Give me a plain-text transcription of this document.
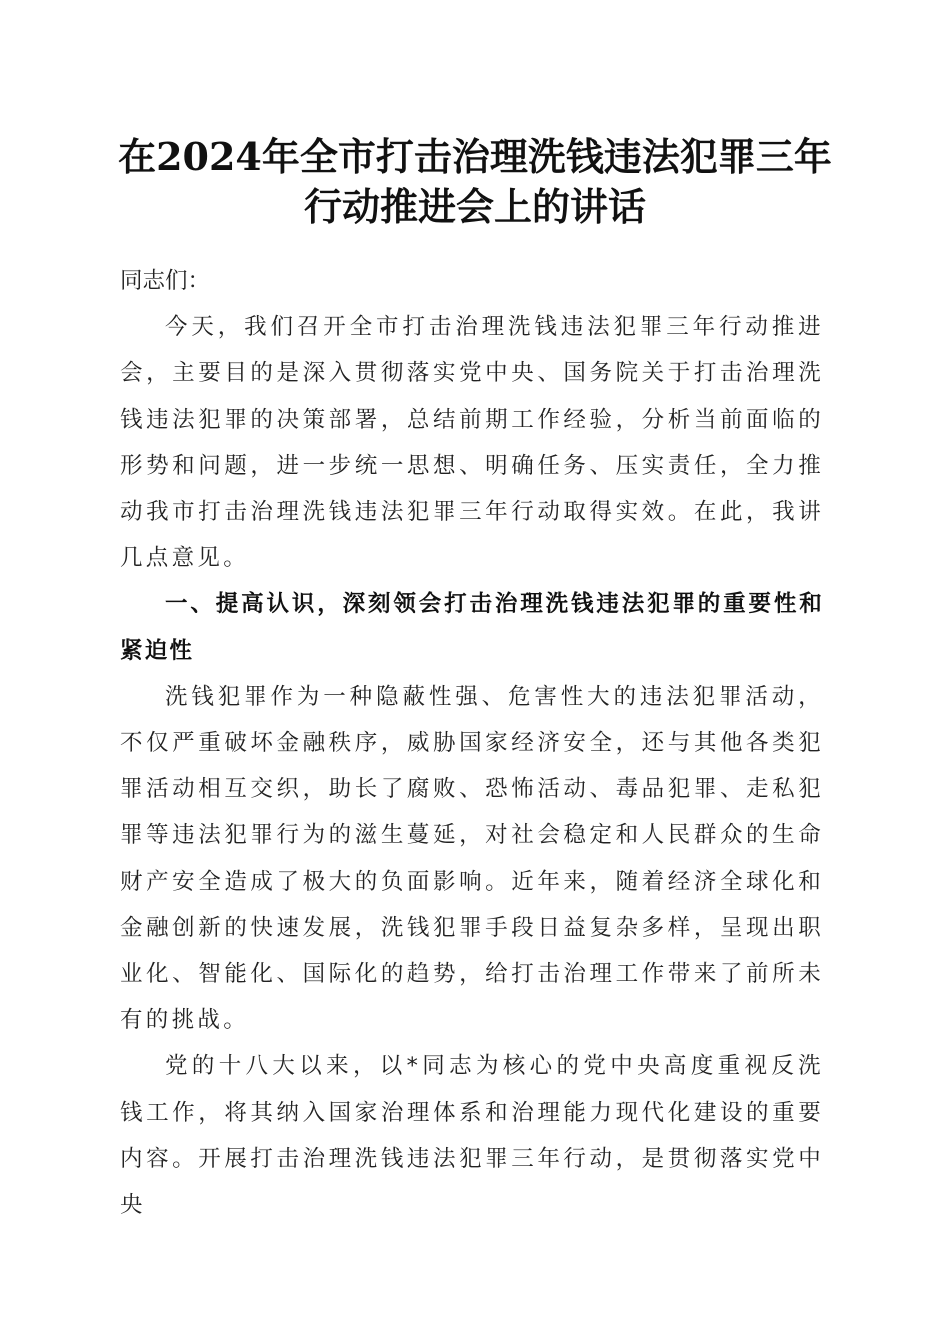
在2024年全市打击治理洗钱违法犯罪三年行动推进会上的讲话

同志们：

今天，我们召开全市打击治理洗钱违法犯罪三年行动推进会，主要目的是深入贯彻落实党中央、国务院关于打击治理洗钱违法犯罪的决策部署，总结前期工作经验，分析当前面临的形势和问题，进一步统一思想、明确任务、压实责任，全力推动我市打击治理洗钱违法犯罪三年行动取得实效。在此，我讲几点意见。

一、提高认识，深刻领会打击治理洗钱违法犯罪的重要性和紧迫性

洗钱犯罪作为一种隐蔽性强、危害性大的违法犯罪活动，不仅严重破坏金融秩序，威胁国家经济安全，还与其他各类犯罪活动相互交织，助长了腐败、恐怖活动、毒品犯罪、走私犯罪等违法犯罪行为的滋生蔓延，对社会稳定和人民群众的生命财产安全造成了极大的负面影响。近年来，随着经济全球化和金融创新的快速发展，洗钱犯罪手段日益复杂多样，呈现出职业化、智能化、国际化的趋势，给打击治理工作带来了前所未有的挑战。

党的十八大以来，以*同志为核心的党中央高度重视反洗钱工作，将其纳入国家治理体系和治理能力现代化建设的重要内容。开展打击治理洗钱违法犯罪三年行动，是贯彻落实党中央
